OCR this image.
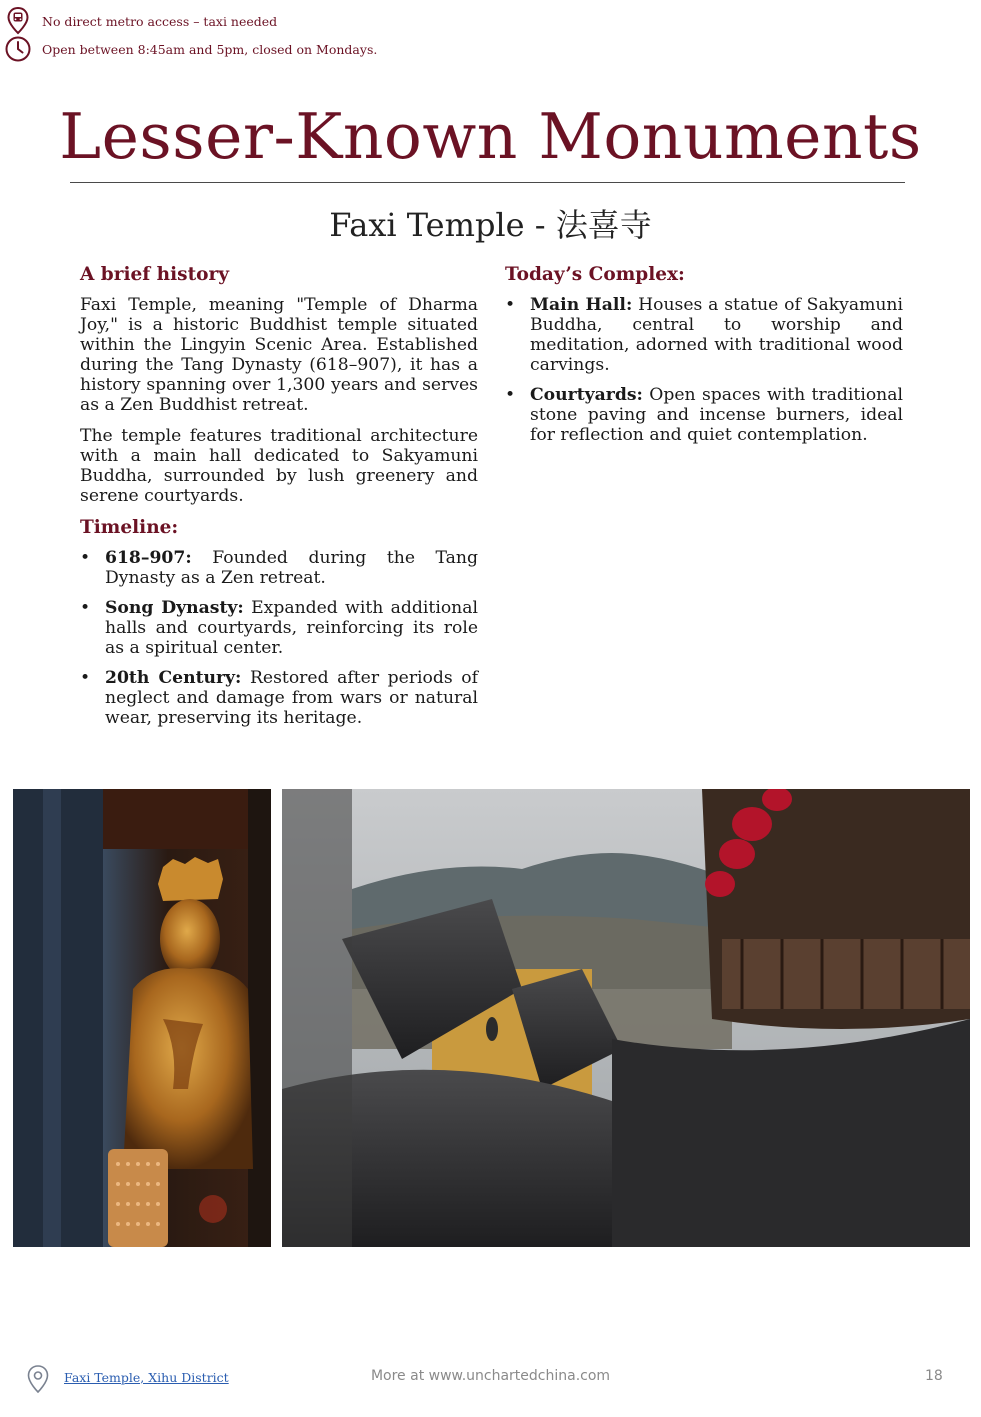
No direct metro access – taxi needed
Open between 8:45am and 5pm, closed on Mondays.
Lesser-Known Monuments
Faxi Temple - 法喜寺
A brief history

Faxi Temple, meaning "Temple of Dharma Joy," is a historic Buddhist temple situated within the Lingyin Scenic Area. Established during the Tang Dynasty (618–907), it has a history spanning over 1,300 years and serves as a Zen Buddhist retreat.

The temple features traditional architecture with a main hall dedicated to Sakyamuni Buddha, surrounded by lush greenery and serene courtyards.

Timeline:
• 618–907: Founded during the Tang Dynasty as a Zen retreat.
• Song Dynasty: Expanded with additional halls and courtyards, reinforcing its role as a spiritual center.
• 20th Century: Restored after periods of neglect and damage from wars or natural wear, preserving its heritage.
Today’s Complex:
• Main Hall: Houses a statue of Sakyamuni Buddha, central to worship and meditation, adorned with traditional wood carvings.
• Courtyards: Open spaces with traditional stone paving and incense burners, ideal for reflection and quiet contemplation.
Faxi Temple, Xihu District	More at www.unchartedchina.com	18
